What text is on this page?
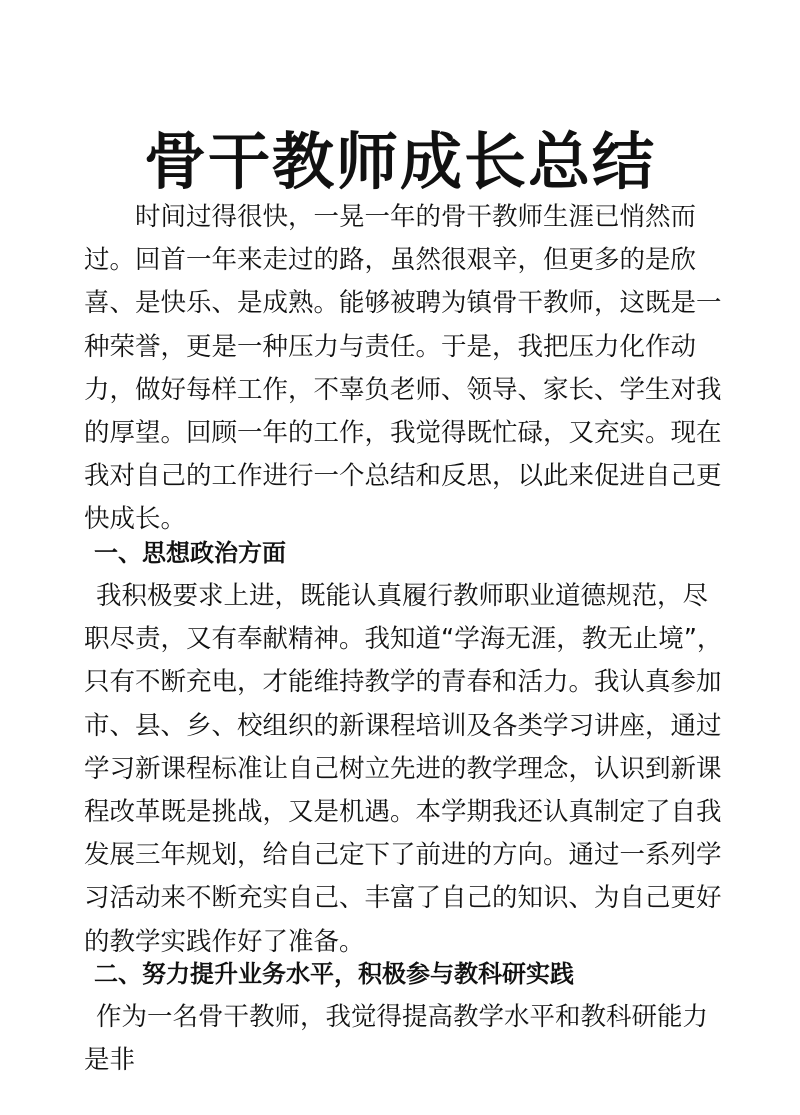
骨干教师成长总结

时间过得很快，一晃一年的骨干教师生涯已悄然而过。回首一年来走过的路，虽然很艰辛，但更多的是欣喜、是快乐、是成熟。能够被聘为镇骨干教师，这既是一种荣誉，更是一种压力与责任。于是，我把压力化作动力，做好每样工作，不辜负老师、领导、家长、学生对我的厚望。回顾一年的工作，我觉得既忙碌，又充实。现在我对自己的工作进行一个总结和反思，以此来促进自己更快成长。

一、思想政治方面

我积极要求上进，既能认真履行教师职业道德规范，尽职尽责，又有奉献精神。我知道“学海无涯，教无止境”，只有不断充电，才能维持教学的青春和活力。我认真参加市、县、乡、校组织的新课程培训及各类学习讲座，通过学习新课程标准让自己树立先进的教学理念，认识到新课程改革既是挑战，又是机遇。本学期我还认真制定了自我发展三年规划，给自己定下了前进的方向。通过一系列学习活动来不断充实自己、丰富了自己的知识、为自己更好的教学实践作好了准备。

二、努力提升业务水平，积极参与教科研实践

作为一名骨干教师，我觉得提高教学水平和教科研能力是非
